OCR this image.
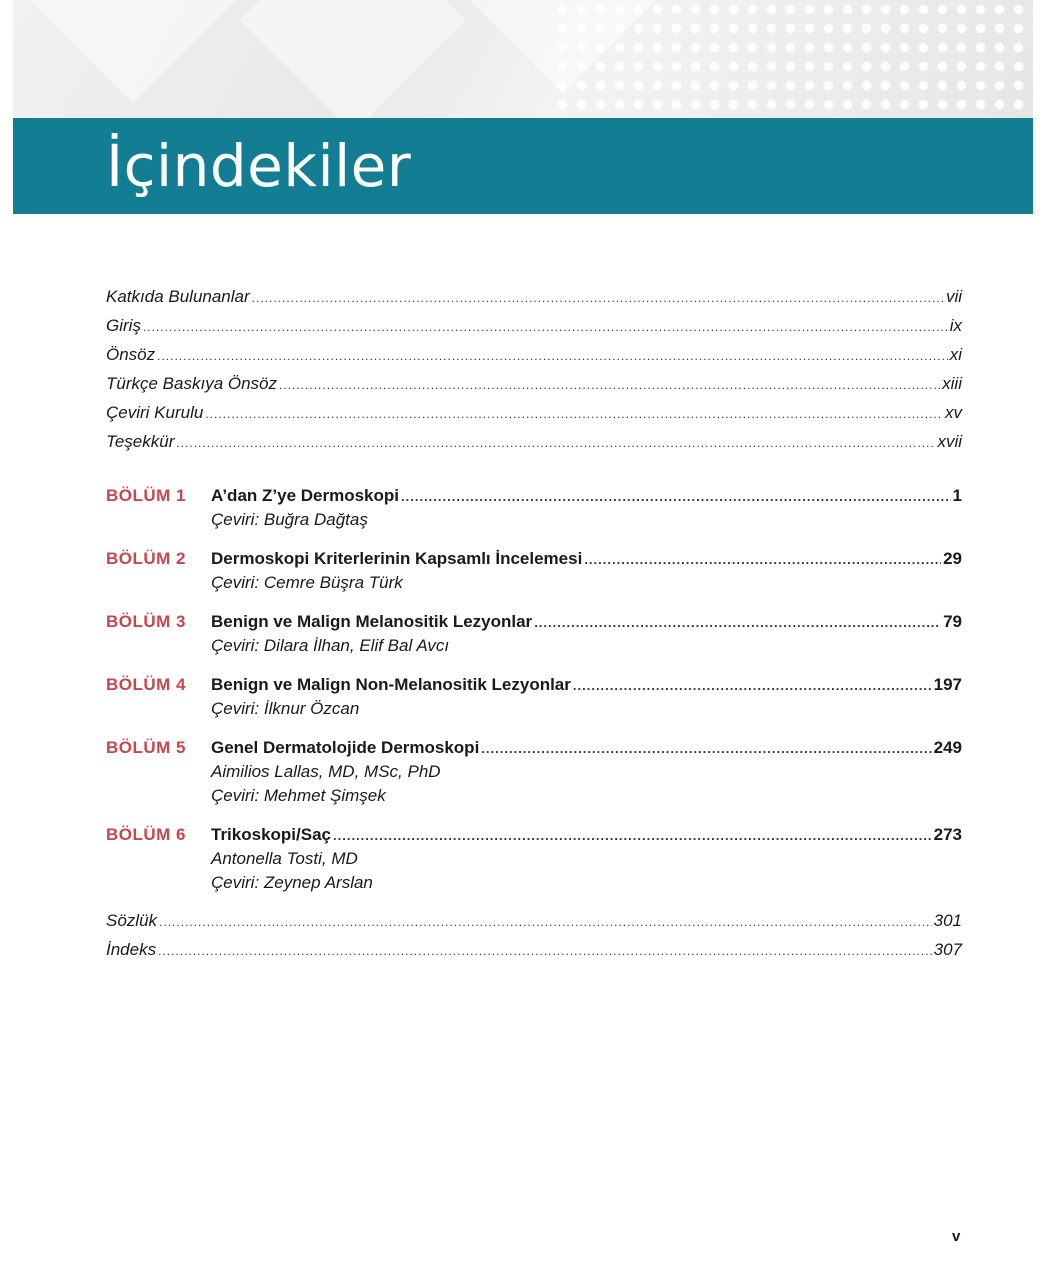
İçindekiler
Katkıda Bulunanlar .....	vii
Giriş .....	ix
Önsöz .....	xi
Türkçe Baskıya Önsöz .....	xiii
Çeviri Kurulu .....	xv
Teşekkür .....	xvii
BÖLÜM 1	A’dan Z’ye Dermoskopi .....	1
Çeviri: Buğra Dağtaş
BÖLÜM 2	Dermoskopi Kriterlerinin Kapsamlı İncelemesi .....	29
Çeviri: Cemre Büşra Türk
BÖLÜM 3	Benign ve Malign Melanositik Lezyonlar .....	79
Çeviri: Dilara İlhan, Elif Bal Avcı
BÖLÜM 4	Benign ve Malign Non-Melanositik Lezyonlar .....	197
Çeviri: İlknur Özcan
BÖLÜM 5	Genel Dermatolojide Dermoskopi .....	249
Aimilios Lallas, MD, MSc, PhD
Çeviri: Mehmet Şimşek
BÖLÜM 6	Trikoskopi/Saç .....	273
Antonella Tosti, MD
Çeviri: Zeynep Arslan
Sözlük .....	301
İndeks .....	307
v
